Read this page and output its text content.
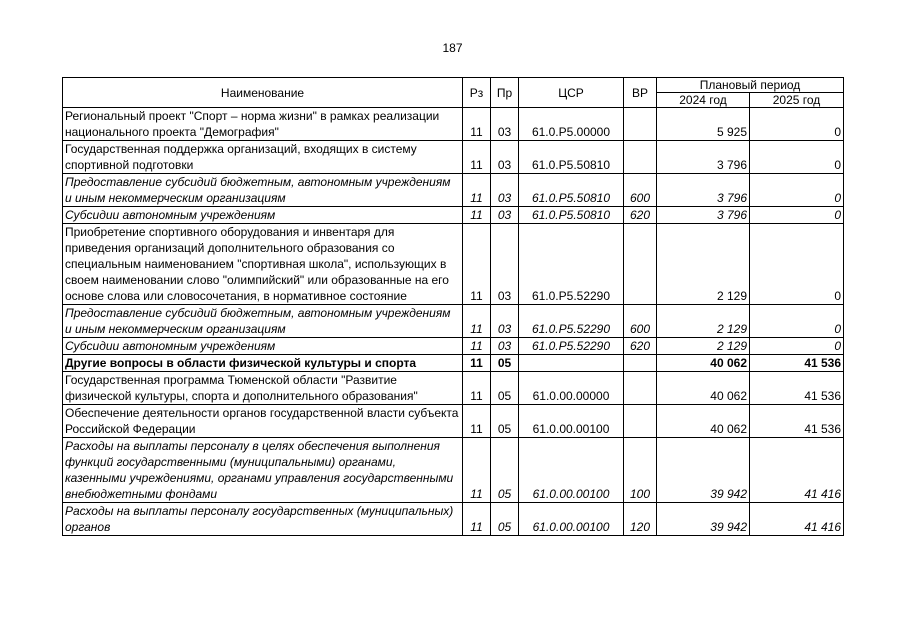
187
Наименование	Рз	Пр	ЦСР	ВР	Плановый период	
					2024 год	2025 год
Региональный проект "Спорт – норма жизни" в рамках реализации национального проекта "Демография"	11	03	61.0.Р5.00000		5 925	0
Государственная поддержка организаций, входящих в систему спортивной подготовки	11	03	61.0.Р5.50810		3 796	0
Предоставление субсидий бюджетным, автономным учреждениям и иным некоммерческим организациям	11	03	61.0.Р5.50810	600	3 796	0
Субсидии автономным учреждениям	11	03	61.0.Р5.50810	620	3 796	0
Приобретение спортивного оборудования и инвентаря для приведения организаций дополнительного образования со специальным наименованием "спортивная школа", использующих в своем наименовании слово "олимпийский" или образованные на его основе слова или словосочетания, в нормативное состояние	11	03	61.0.Р5.52290		2 129	0
Предоставление субсидий бюджетным, автономным учреждениям и иным некоммерческим организациям	11	03	61.0.Р5.52290	600	2 129	0
Субсидии автономным учреждениям	11	03	61.0.Р5.52290	620	2 129	0
Другие вопросы в области физической культуры и спорта	11	05			40 062	41 536
Государственная программа Тюменской области "Развитие физической культуры, спорта и дополнительного образования"	11	05	61.0.00.00000		40 062	41 536
Обеспечение деятельности органов государственной власти субъекта Российской Федерации	11	05	61.0.00.00100		40 062	41 536
Расходы на выплаты персоналу в целях обеспечения выполнения функций государственными (муниципальными) органами, казенными учреждениями, органами управления государственными внебюджетными фондами	11	05	61.0.00.00100	100	39 942	41 416
Расходы на выплаты персоналу государственных (муниципальных) органов	11	05	61.0.00.00100	120	39 942	41 416
